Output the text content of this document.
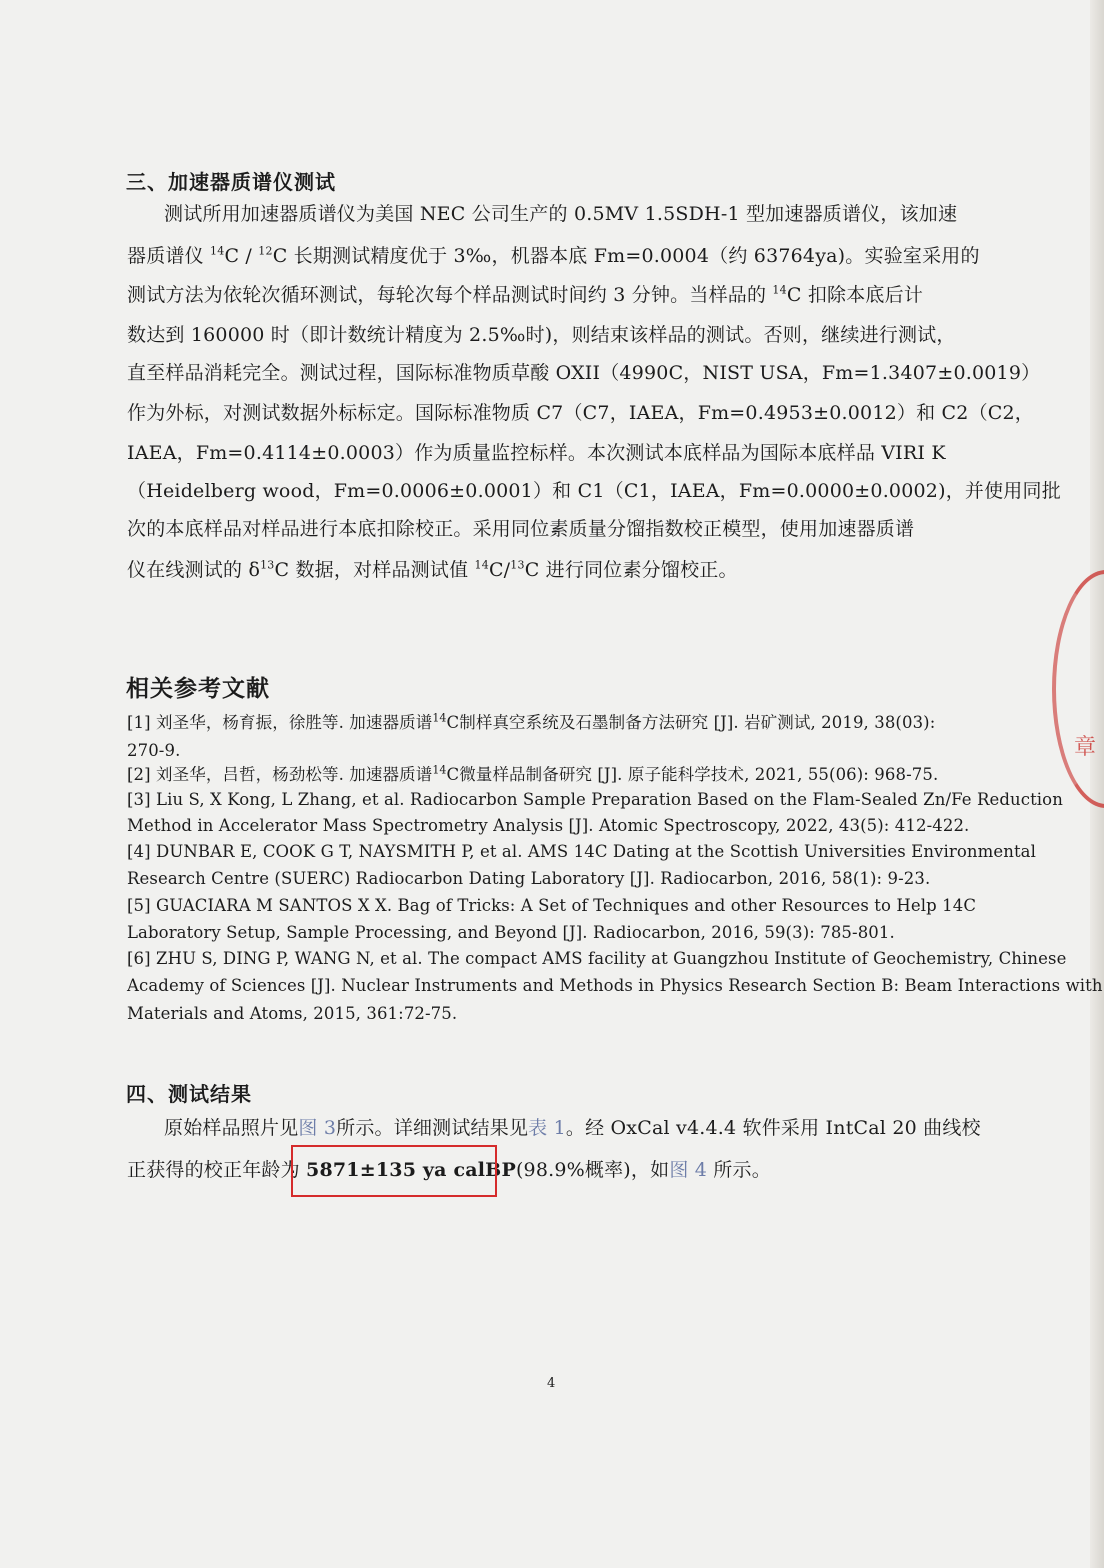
三、加速器质谱仪测试
测试所用加速器质谱仪为美国 NEC 公司生产的 0.5MV 1.5SDH-1 型加速器质谱仪，该加速
器质谱仪 $^{14}$C / $^{12}$C 长期测试精度优于 3‰，机器本底 Fm=0.0004（约 63764ya)。实验室采用的
测试方法为依轮次循环测试，每轮次每个样品测试时间约 3 分钟。当样品的 $^{14}$C 扣除本底后计
数达到 160000 时（即计数统计精度为 2.5‰时)，则结束该样品的测试。否则，继续进行测试，
直至样品消耗完全。测试过程，国际标准物质草酸 OXII（4990C，NIST USA，Fm=1.3407±0.0019）
作为外标，对测试数据外标标定。国际标准物质 C7（C7，IAEA，Fm=0.4953±0.0012）和 C2（C2，
IAEA，Fm=0.4114±0.0003）作为质量监控标样。本次测试本底样品为国际本底样品 VIRI K
（Heidelberg wood，Fm=0.0006±0.0001）和 C1（C1，IAEA，Fm=0.0000±0.0002)，并使用同批
次的本底样品对样品进行本底扣除校正。采用同位素质量分馏指数校正模型，使用加速器质谱
仪在线测试的 $\delta^{13}C$ 数据，对样品测试值 $^{14}$C/$^{13}$C 进行同位素分馏校正。
相关参考文献
[1] 刘圣华，杨育振，徐胜等. 加速器质谱$^{14}$C制样真空系统及石墨制备方法研究 [J]. 岩矿测试, 2019, 38(03):
270-9.
[2] 刘圣华，吕哲，杨劲松等. 加速器质谱$^{14}$C微量样品制备研究 [J]. 原子能科学技术, 2021, 55(06): 968-75.
[3] Liu S, X Kong, L Zhang, et al. Radiocarbon Sample Preparation Based on the Flam-Sealed Zn/Fe Reduction
Method in Accelerator Mass Spectrometry Analysis [J]. Atomic Spectroscopy, 2022, 43(5): 412-422.
[4] DUNBAR E, COOK G T, NAYSMITH P, et al. AMS 14C Dating at the Scottish Universities Environmental
Research Centre (SUERC) Radiocarbon Dating Laboratory [J]. Radiocarbon, 2016, 58(1): 9-23.
[5] GUACIARA M SANTOS X X. Bag of Tricks: A Set of Techniques and other Resources to Help 14C
Laboratory Setup, Sample Processing, and Beyond [J]. Radiocarbon, 2016, 59(3): 785-801.
[6] ZHU S, DING P, WANG N, et al. The compact AMS facility at Guangzhou Institute of Geochemistry, Chinese
Academy of Sciences [J]. Nuclear Instruments and Methods in Physics Research Section B: Beam Interactions with
Materials and Atoms, 2015, 361:72-75.
四、测试结果
原始样品照片见图 3所示。详细测试结果见表 1。经 OxCal v4.4.4 软件采用 IntCal 20 曲线校
正获得的校正年龄为 5871±135 ya calBP(98.9%概率)，如图 4 所示。
4
章
